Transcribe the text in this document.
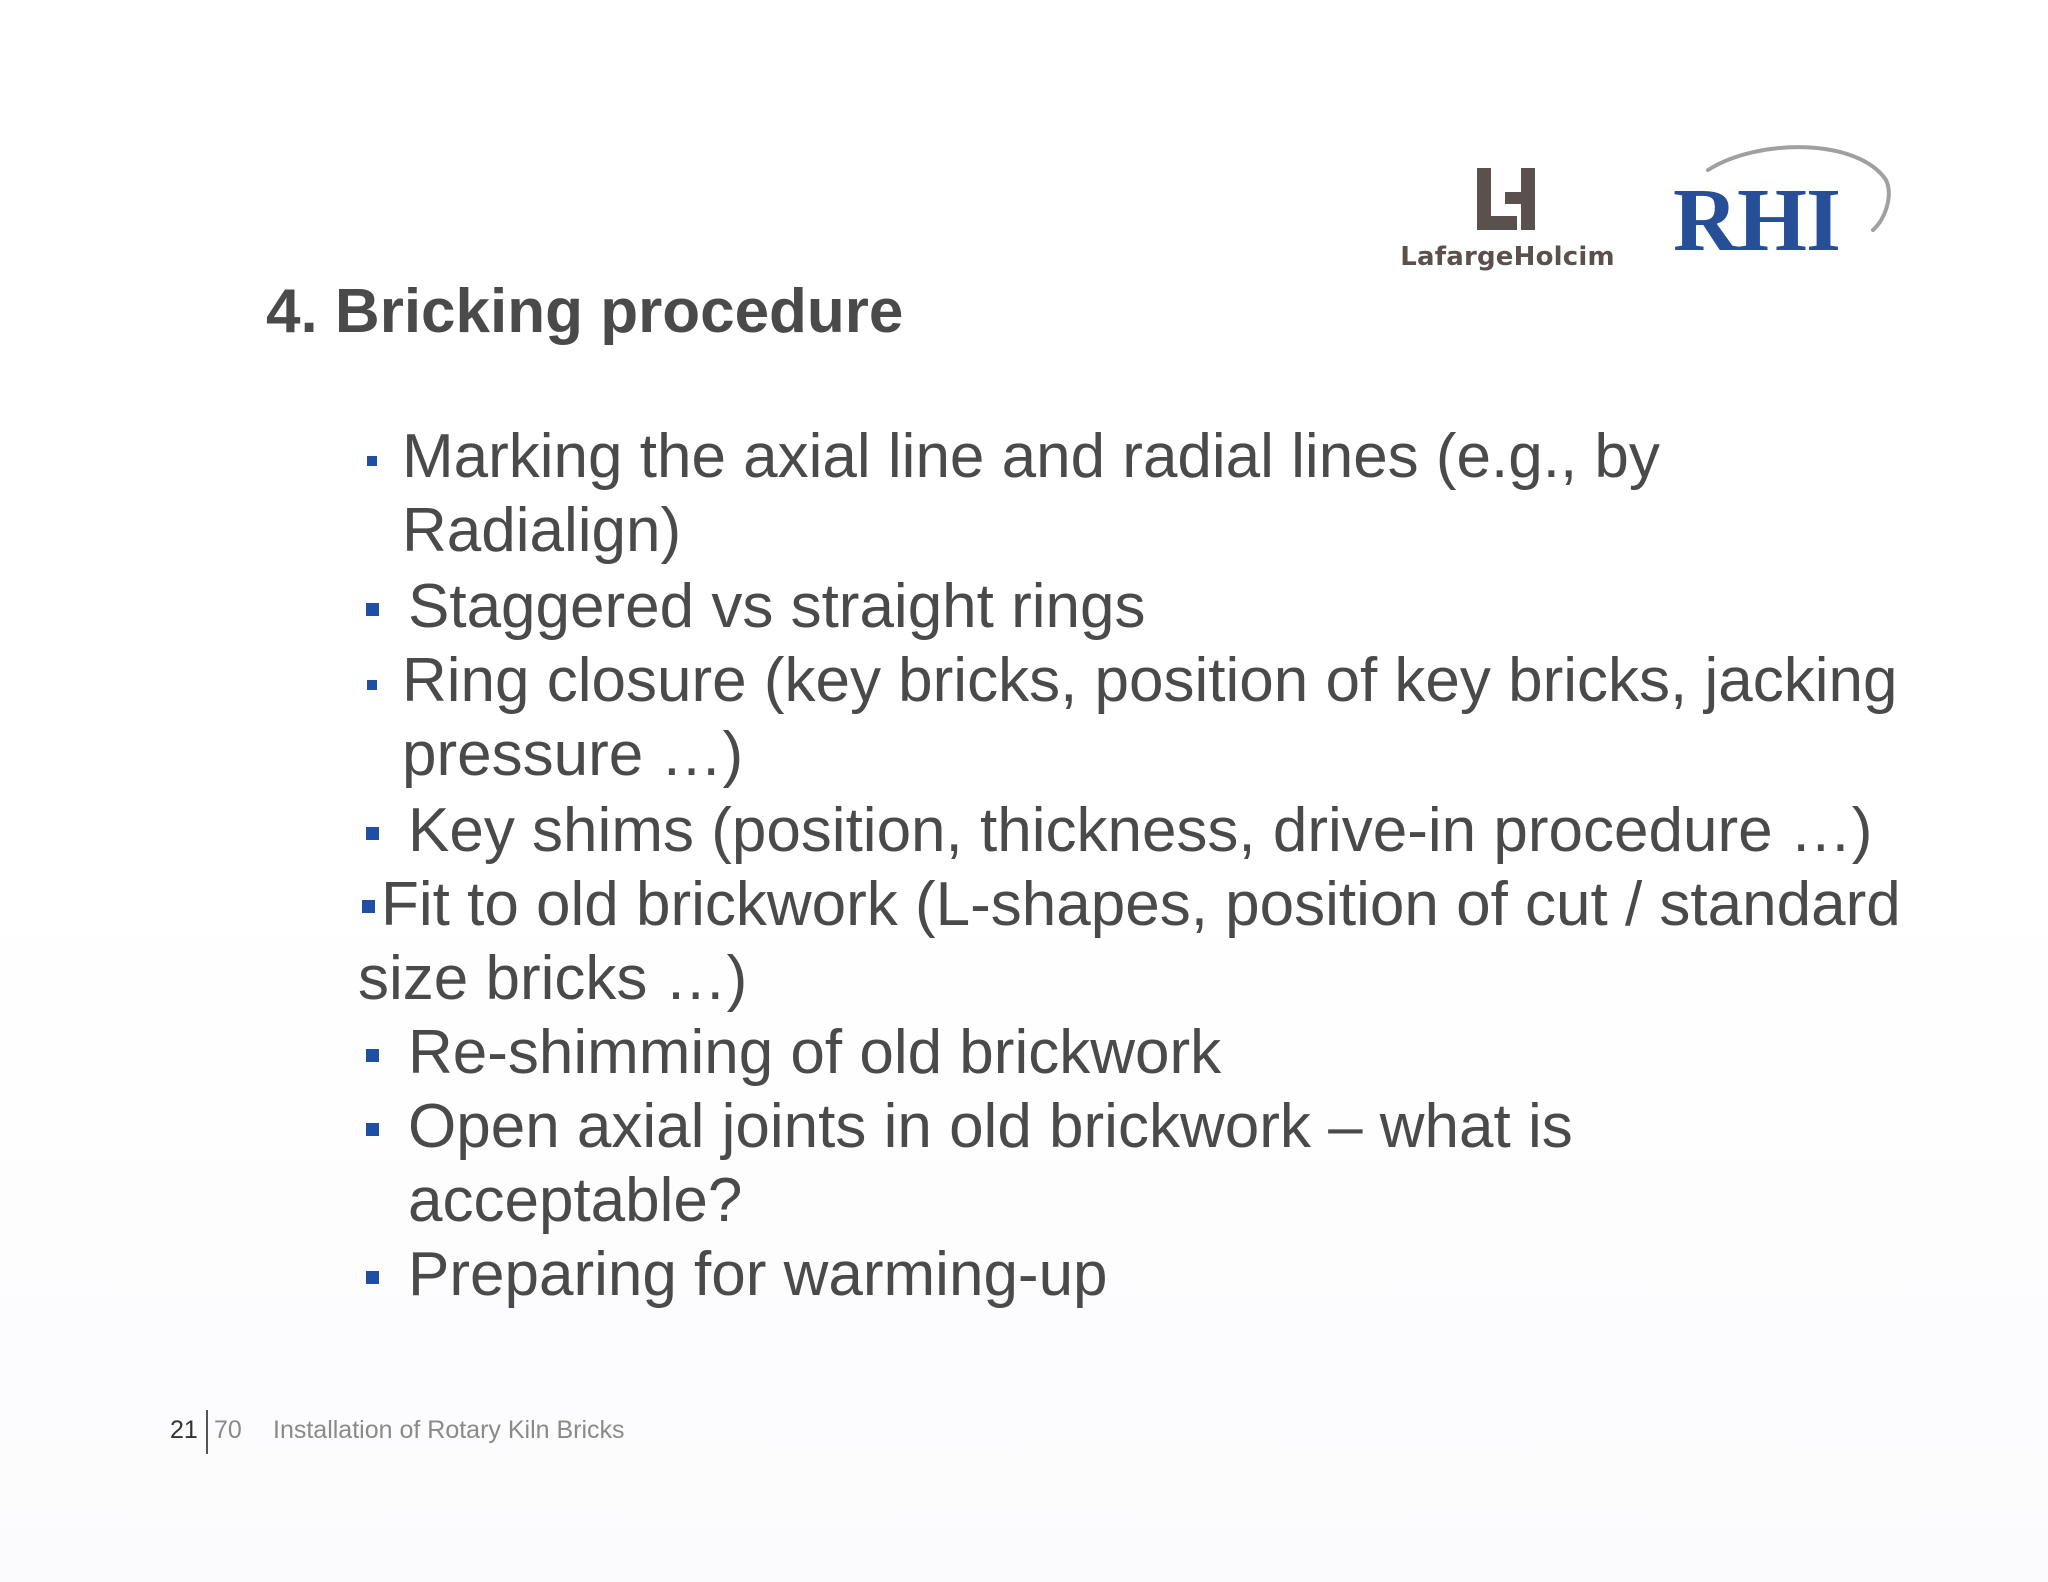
LafargeHolcim RHI
4. Bricking procedure
Marking the axial line and radial lines (e.g., by Radialign)
Staggered vs straight rings
Ring closure (key bricks, position of key bricks, jacking pressure …)
Key shims (position, thickness, drive-in procedure …)
Fit to old brickwork (L-shapes, position of cut / standard size bricks …)
Re-shimming of old brickwork
Open axial joints in old brickwork – what is acceptable?
Preparing for warming-up
21 70 Installation of Rotary Kiln Bricks
